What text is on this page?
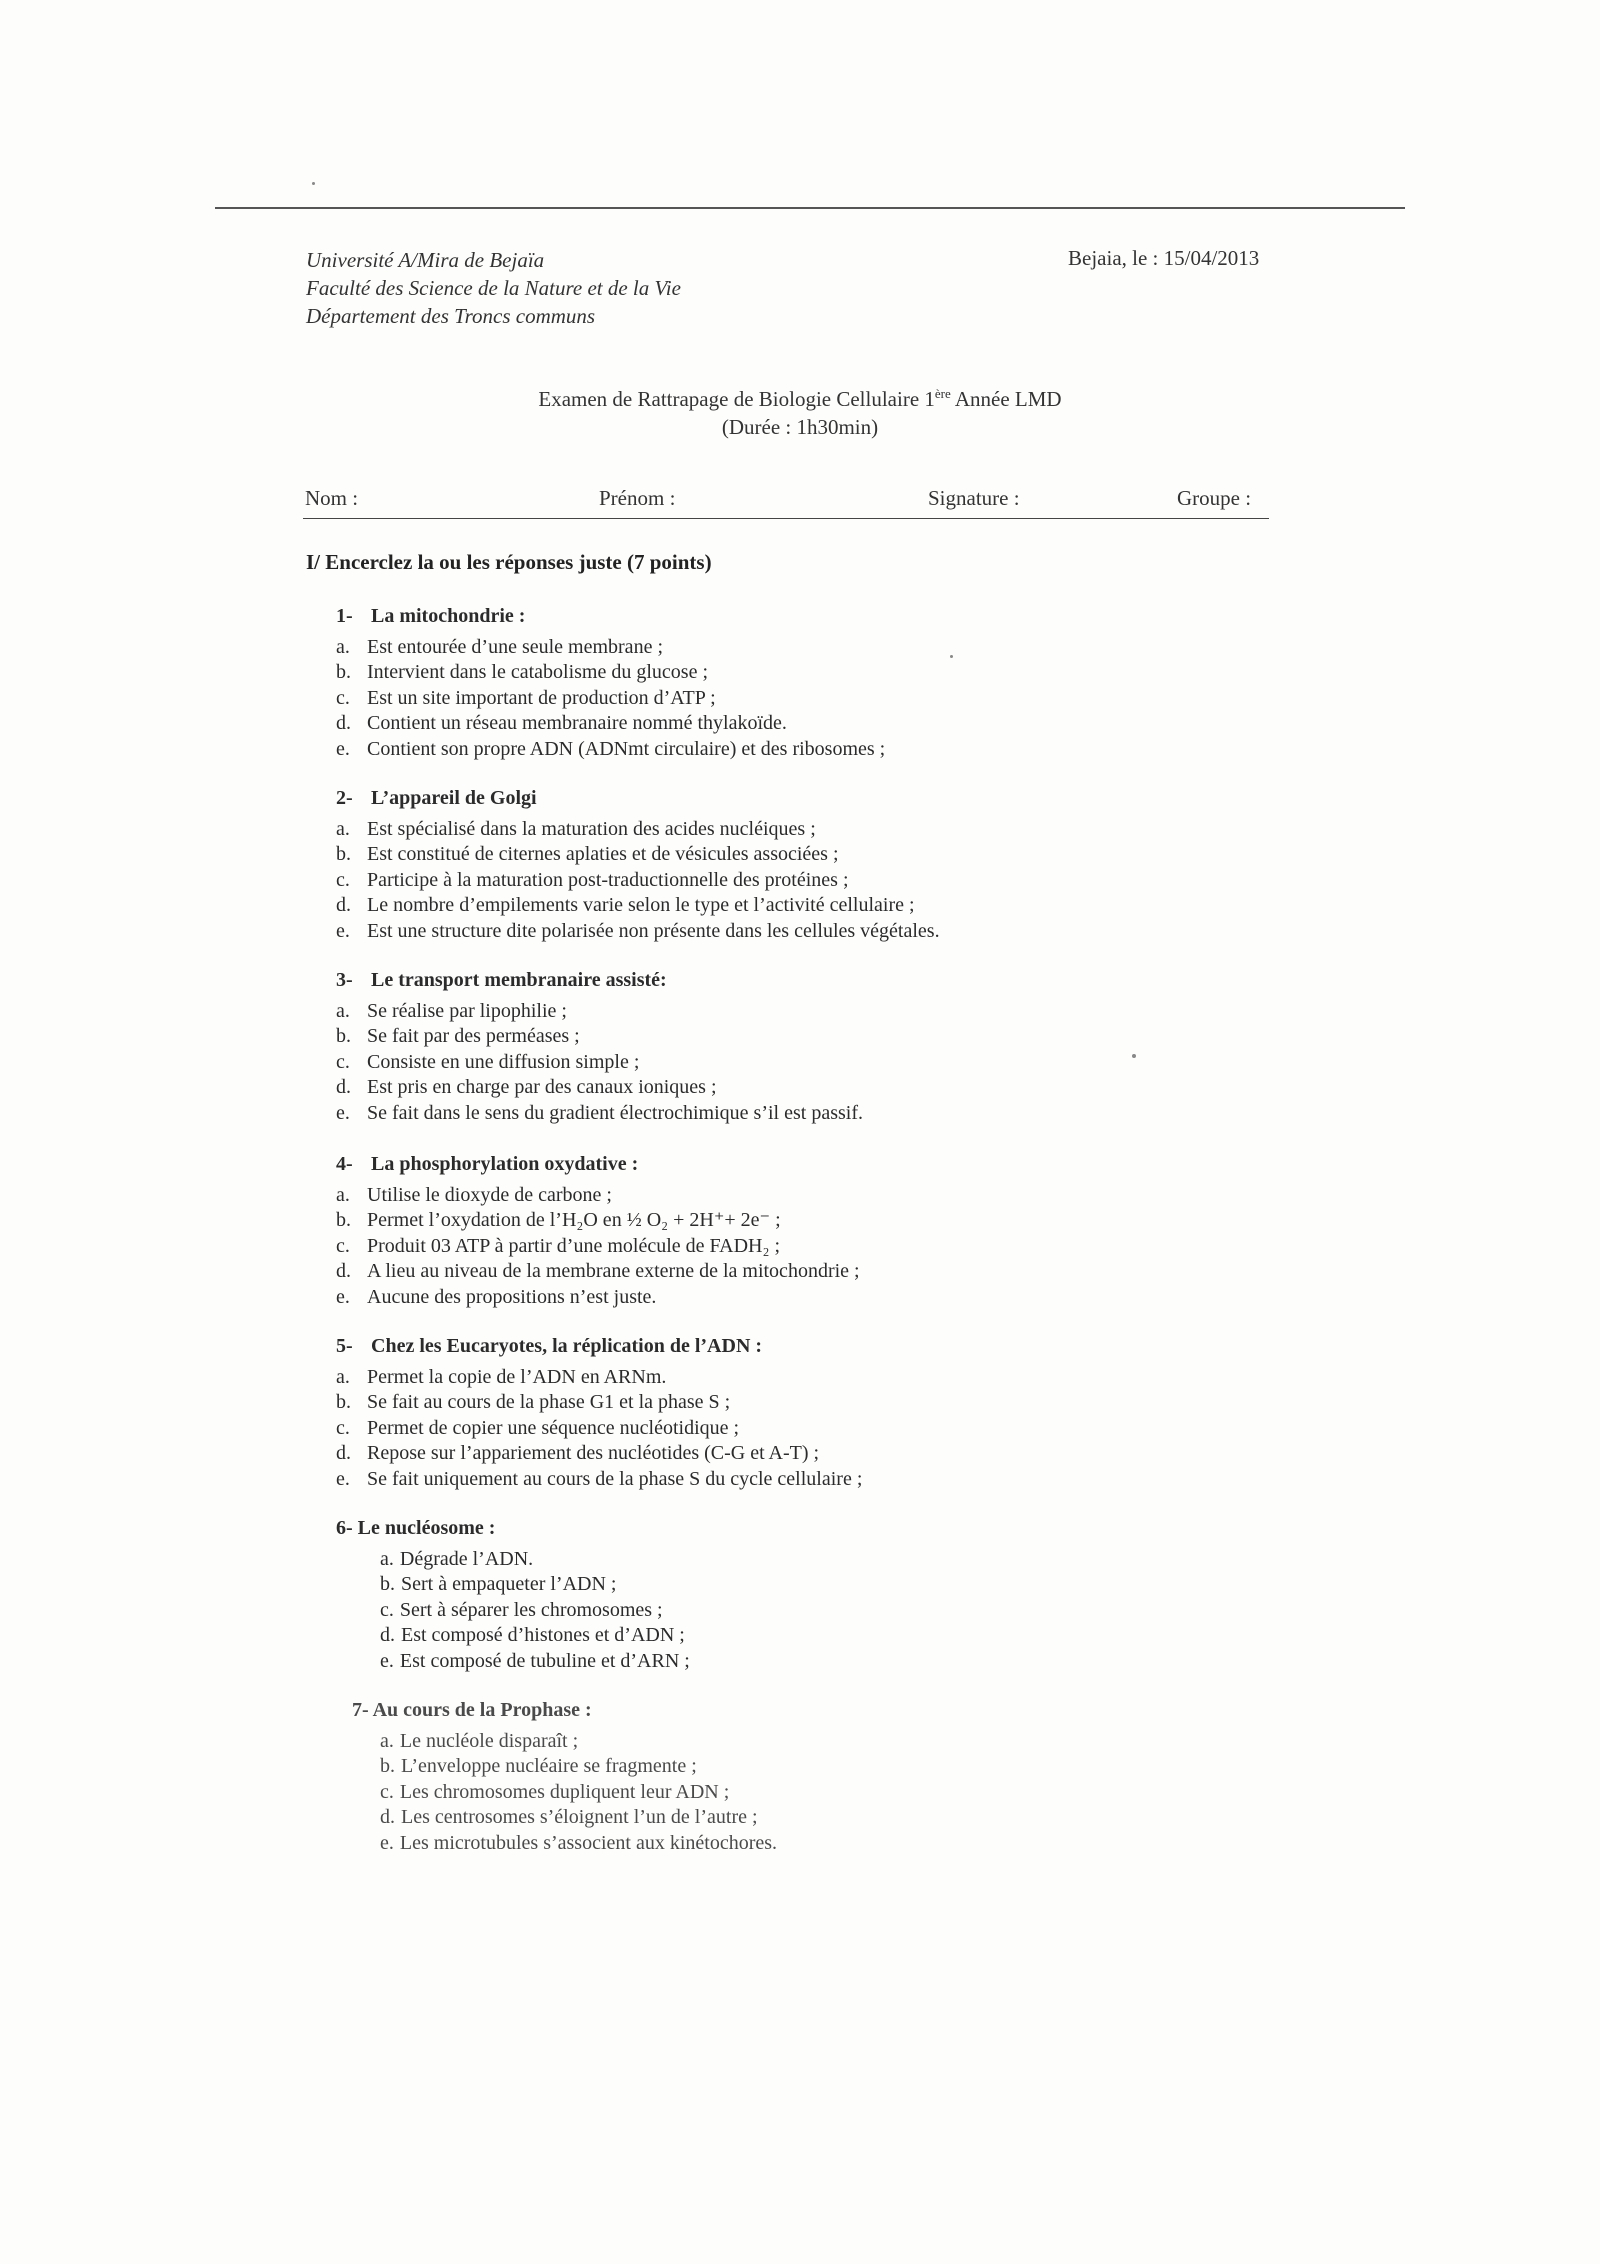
Université A/Mira de Bejaïa
Faculté des Science de la Nature et de la Vie
Département des Troncs communs
Bejaia, le : 15/04/2013
Examen de Rattrapage de Biologie Cellulaire 1ère Année LMD
(Durée : 1h30min)
Nom :	Prénom :	Signature :	Groupe :
I/ Encerclez la ou les réponses juste (7 points)
1- La mitochondrie :
a. Est entourée d’une seule membrane ;
b. Intervient dans le catabolisme du glucose ;
c. Est un site important de production d’ATP ;
d. Contient un réseau membranaire nommé thylakoïde.
e. Contient son propre ADN (ADNmt circulaire) et des ribosomes ;
2- L’appareil de Golgi
a. Est spécialisé dans la maturation des acides nucléiques ;
b. Est constitué de citernes aplaties et de vésicules associées ;
c. Participe à la maturation post-traductionnelle des protéines ;
d. Le nombre d’empilements varie selon le type et l’activité cellulaire ;
e. Est une structure dite polarisée non présente dans les cellules végétales.
3- Le transport membranaire assisté:
a. Se réalise par lipophilie ;
b. Se fait par des perméases ;
c. Consiste en une diffusion simple ;
d. Est pris en charge par des canaux ioniques ;
e. Se fait dans le sens du gradient électrochimique s’il est passif.
4- La phosphorylation oxydative :
a. Utilise le dioxyde de carbone ;
b. Permet l’oxydation de l’H₂O en ½ O₂ + 2H⁺+ 2e⁻ ;
c. Produit 03 ATP à partir d’une molécule de FADH₂ ;
d. A lieu au niveau de la membrane externe de la mitochondrie ;
e. Aucune des propositions n’est juste.
5- Chez les Eucaryotes, la réplication de l’ADN :
a. Permet la copie de l’ADN en ARNm.
b. Se fait au cours de la phase G1 et la phase S ;
c. Permet de copier une séquence nucléotidique ;
d. Repose sur l’appariement des nucléotides (C-G et A-T) ;
e. Se fait uniquement au cours de la phase S du cycle cellulaire ;
6- Le nucléosome :
a. Dégrade l’ADN.
b. Sert à empaqueter l’ADN ;
c. Sert à séparer les chromosomes ;
d. Est composé d’histones et d’ADN ;
e. Est composé de tubuline et d’ARN ;
7- Au cours de la Prophase :
a. Le nucléole disparaît ;
b. L’enveloppe nucléaire se fragmente ;
c. Les chromosomes dupliquent leur ADN ;
d. Les centrosomes s’éloignent l’un de l’autre ;
e. Les microtubules s’associent aux kinétochores.
